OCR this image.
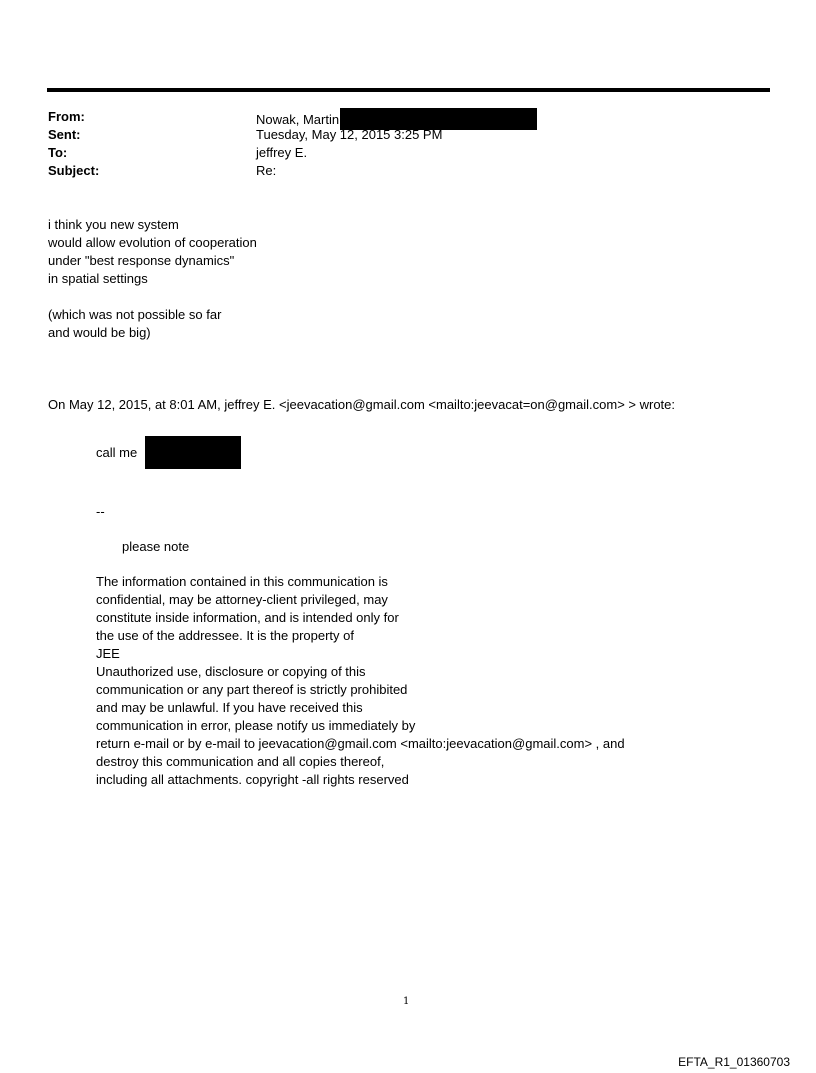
From:	Nowak, Martin
Sent:	Tuesday, May 12, 2015 3:25 PM
To:	jeffrey E.
Subject:	Re:
i think you new system
would allow evolution of cooperation
under "best response dynamics"
in spatial settings
(which was not possible so far
and would be big)
On May 12, 2015, at 8:01 AM, jeffrey E. <jeevacation@gmail.com <mailto:jeevacat=on@gmail.com> > wrote:
call me
--
please note
The information contained in this communication is
confidential, may be attorney-client privileged, may
constitute inside information, and is intended only for
the use of the addressee. It is the property of
JEE
Unauthorized use, disclosure or copying of this
communication or any part thereof is strictly prohibited
and may be unlawful. If you have received this
communication in error, please notify us immediately by
return e-mail or by e-mail to jeevacation@gmail.com <mailto:jeevacation@gmail.com> , and
destroy this communication and all copies thereof,
including all attachments. copyright -all rights reserved
1
EFTA_R1_01360703
